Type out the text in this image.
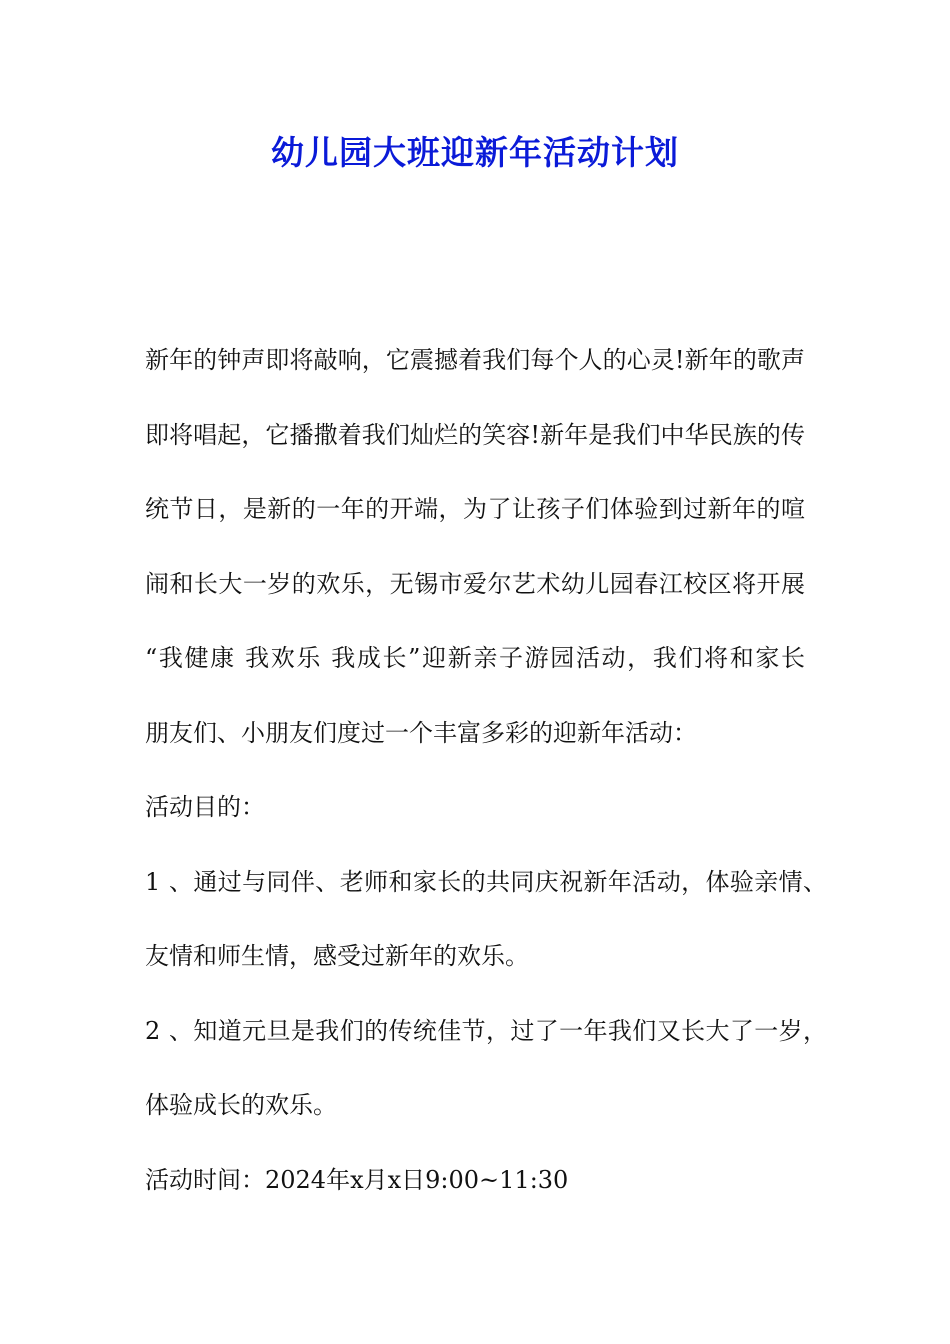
幼儿园大班迎新年活动计划
新年的钟声即将敲响，它震撼着我们每个人的心灵!新年的歌声
即将唱起，它播撒着我们灿烂的笑容!新年是我们中华民族的传
统节日，是新的一年的开端，为了让孩子们体验到过新年的喧
闹和长大一岁的欢乐，无锡市爱尔艺术幼儿园春江校区将开展
“我健康 我欢乐 我成长”迎新亲子游园活动，我们将和家长
朋友们、小朋友们度过一个丰富多彩的迎新年活动：
活动目的：
1、通过与同伴、老师和家长的共同庆祝新年活动，体验亲情、
友情和师生情，感受过新年的欢乐。
2、知道元旦是我们的传统佳节，过了一年我们又长大了一岁，
体验成长的欢乐。
活动时间：2024年x月x日9:00~11:30
